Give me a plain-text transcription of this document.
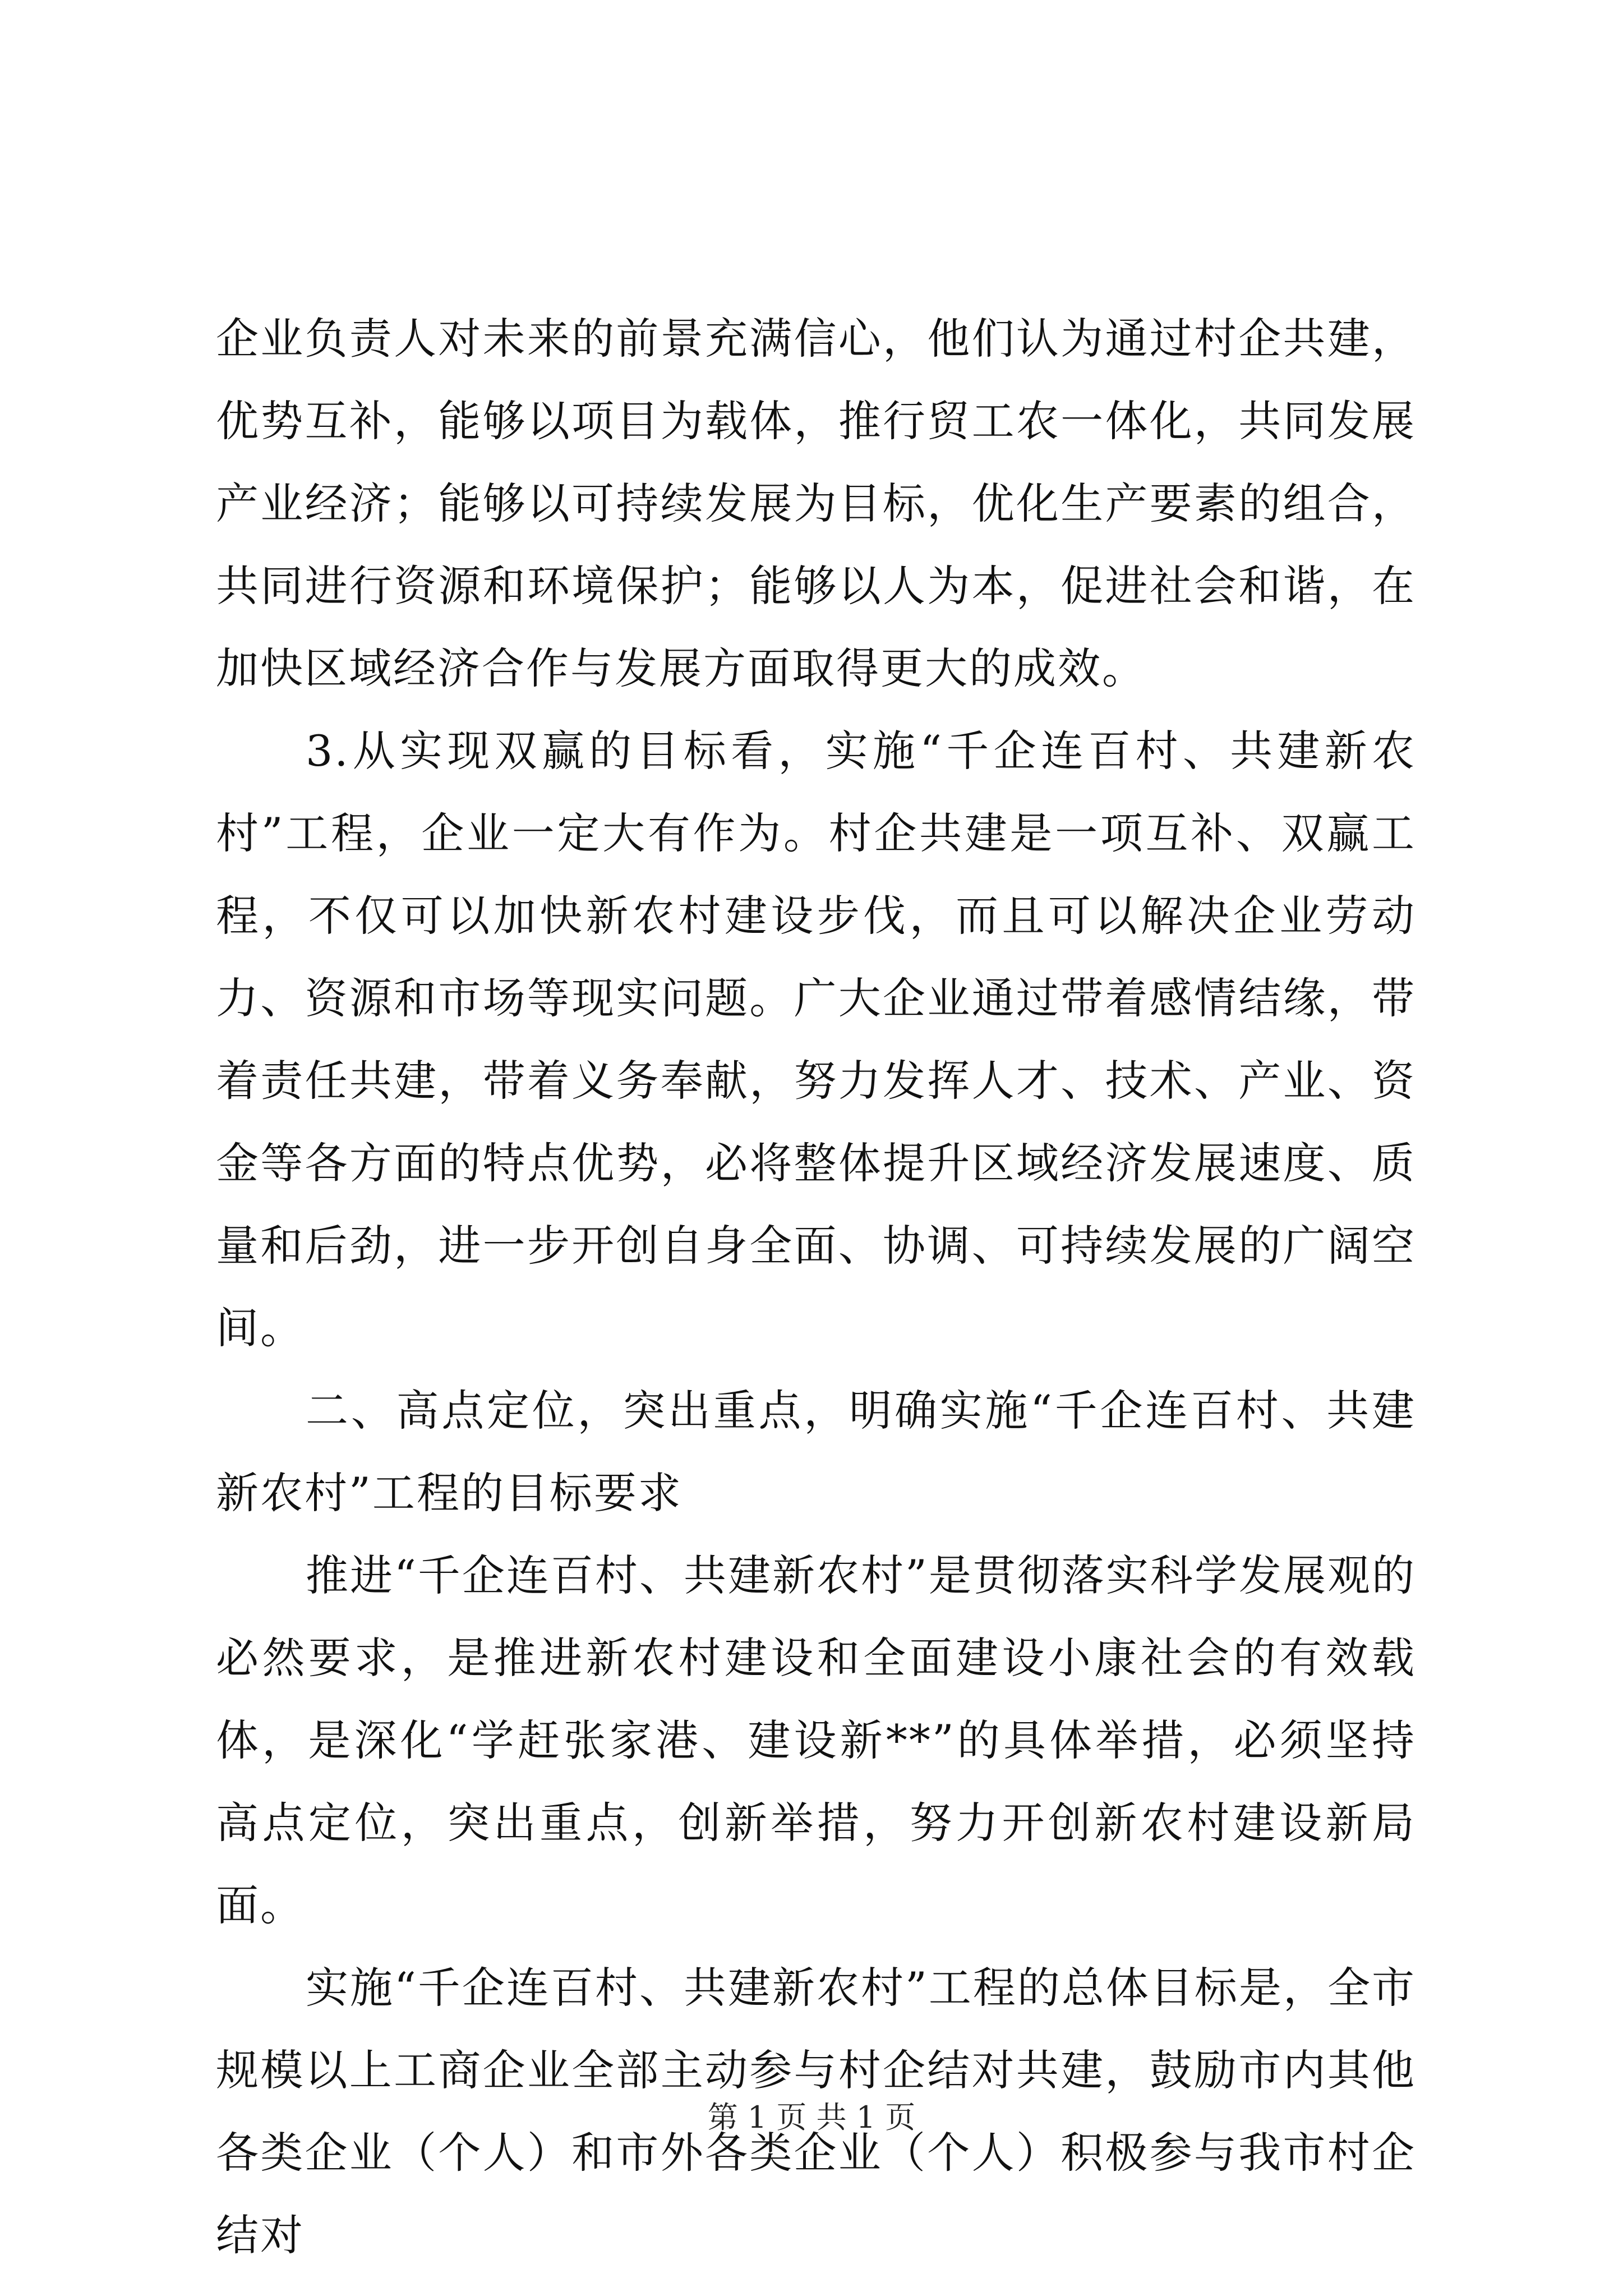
企业负责人对未来的前景充满信心，他们认为通过村企共建，优势互补，能够以项目为载体，推行贸工农一体化，共同发展产业经济；能够以可持续发展为目标，优化生产要素的组合，共同进行资源和环境保护；能够以人为本，促进社会和谐，在加快区域经济合作与发展方面取得更大的成效。

3.从实现双赢的目标看，实施“千企连百村、共建新农村”工程，企业一定大有作为。村企共建是一项互补、双赢工程，不仅可以加快新农村建设步伐，而且可以解决企业劳动力、资源和市场等现实问题。广大企业通过带着感情结缘，带着责任共建，带着义务奉献，努力发挥人才、技术、产业、资金等各方面的特点优势，必将整体提升区域经济发展速度、质量和后劲，进一步开创自身全面、协调、可持续发展的广阔空间。

二、高点定位，突出重点，明确实施“千企连百村、共建新农村”工程的目标要求

推进“千企连百村、共建新农村”是贯彻落实科学发展观的必然要求，是推进新农村建设和全面建设小康社会的有效载体，是深化“学赶张家港、建设新**”的具体举措，必须坚持高点定位，突出重点，创新举措，努力开创新农村建设新局面。

实施“千企连百村、共建新农村”工程的总体目标是，全市规模以上工商企业全部主动参与村企结对共建，鼓励市内其他各类企业（个人）和市外各类企业（个人）积极参与我市村企结对

第 1 页 共 1 页
